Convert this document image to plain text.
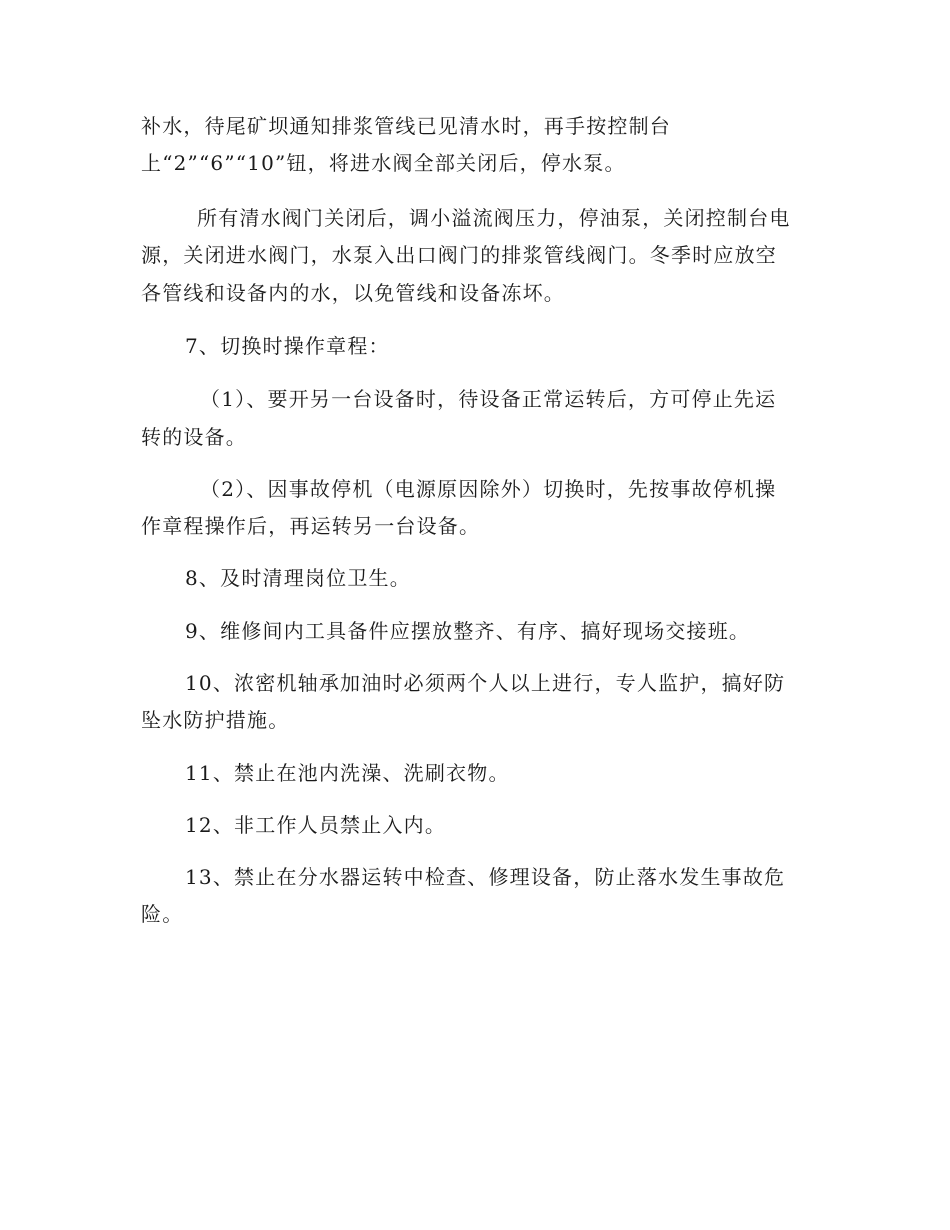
补水，待尾矿坝通知排浆管线已见清水时，再手按控制台
上“2”“6”“10”钮，将进水阀全部关闭后，停水泵。
所有清水阀门关闭后，调小溢流阀压力，停油泵，关闭控制台电
源，关闭进水阀门，水泵入出口阀门的排浆管线阀门。冬季时应放空
各管线和设备内的水，以免管线和设备冻坏。
7、切换时操作章程：
（1）、要开另一台设备时，待设备正常运转后，方可停止先运
转的设备。
（2）、因事故停机（电源原因除外）切换时，先按事故停机操
作章程操作后，再运转另一台设备。
8、及时清理岗位卫生。
9、维修间内工具备件应摆放整齐、有序、搞好现场交接班。
10、浓密机轴承加油时必须两个人以上进行，专人监护，搞好防
坠水防护措施。
11、禁止在池内洗澡、洗刷衣物。
12、非工作人员禁止入内。
13、禁止在分水器运转中检查、修理设备，防止落水发生事故危
险。
